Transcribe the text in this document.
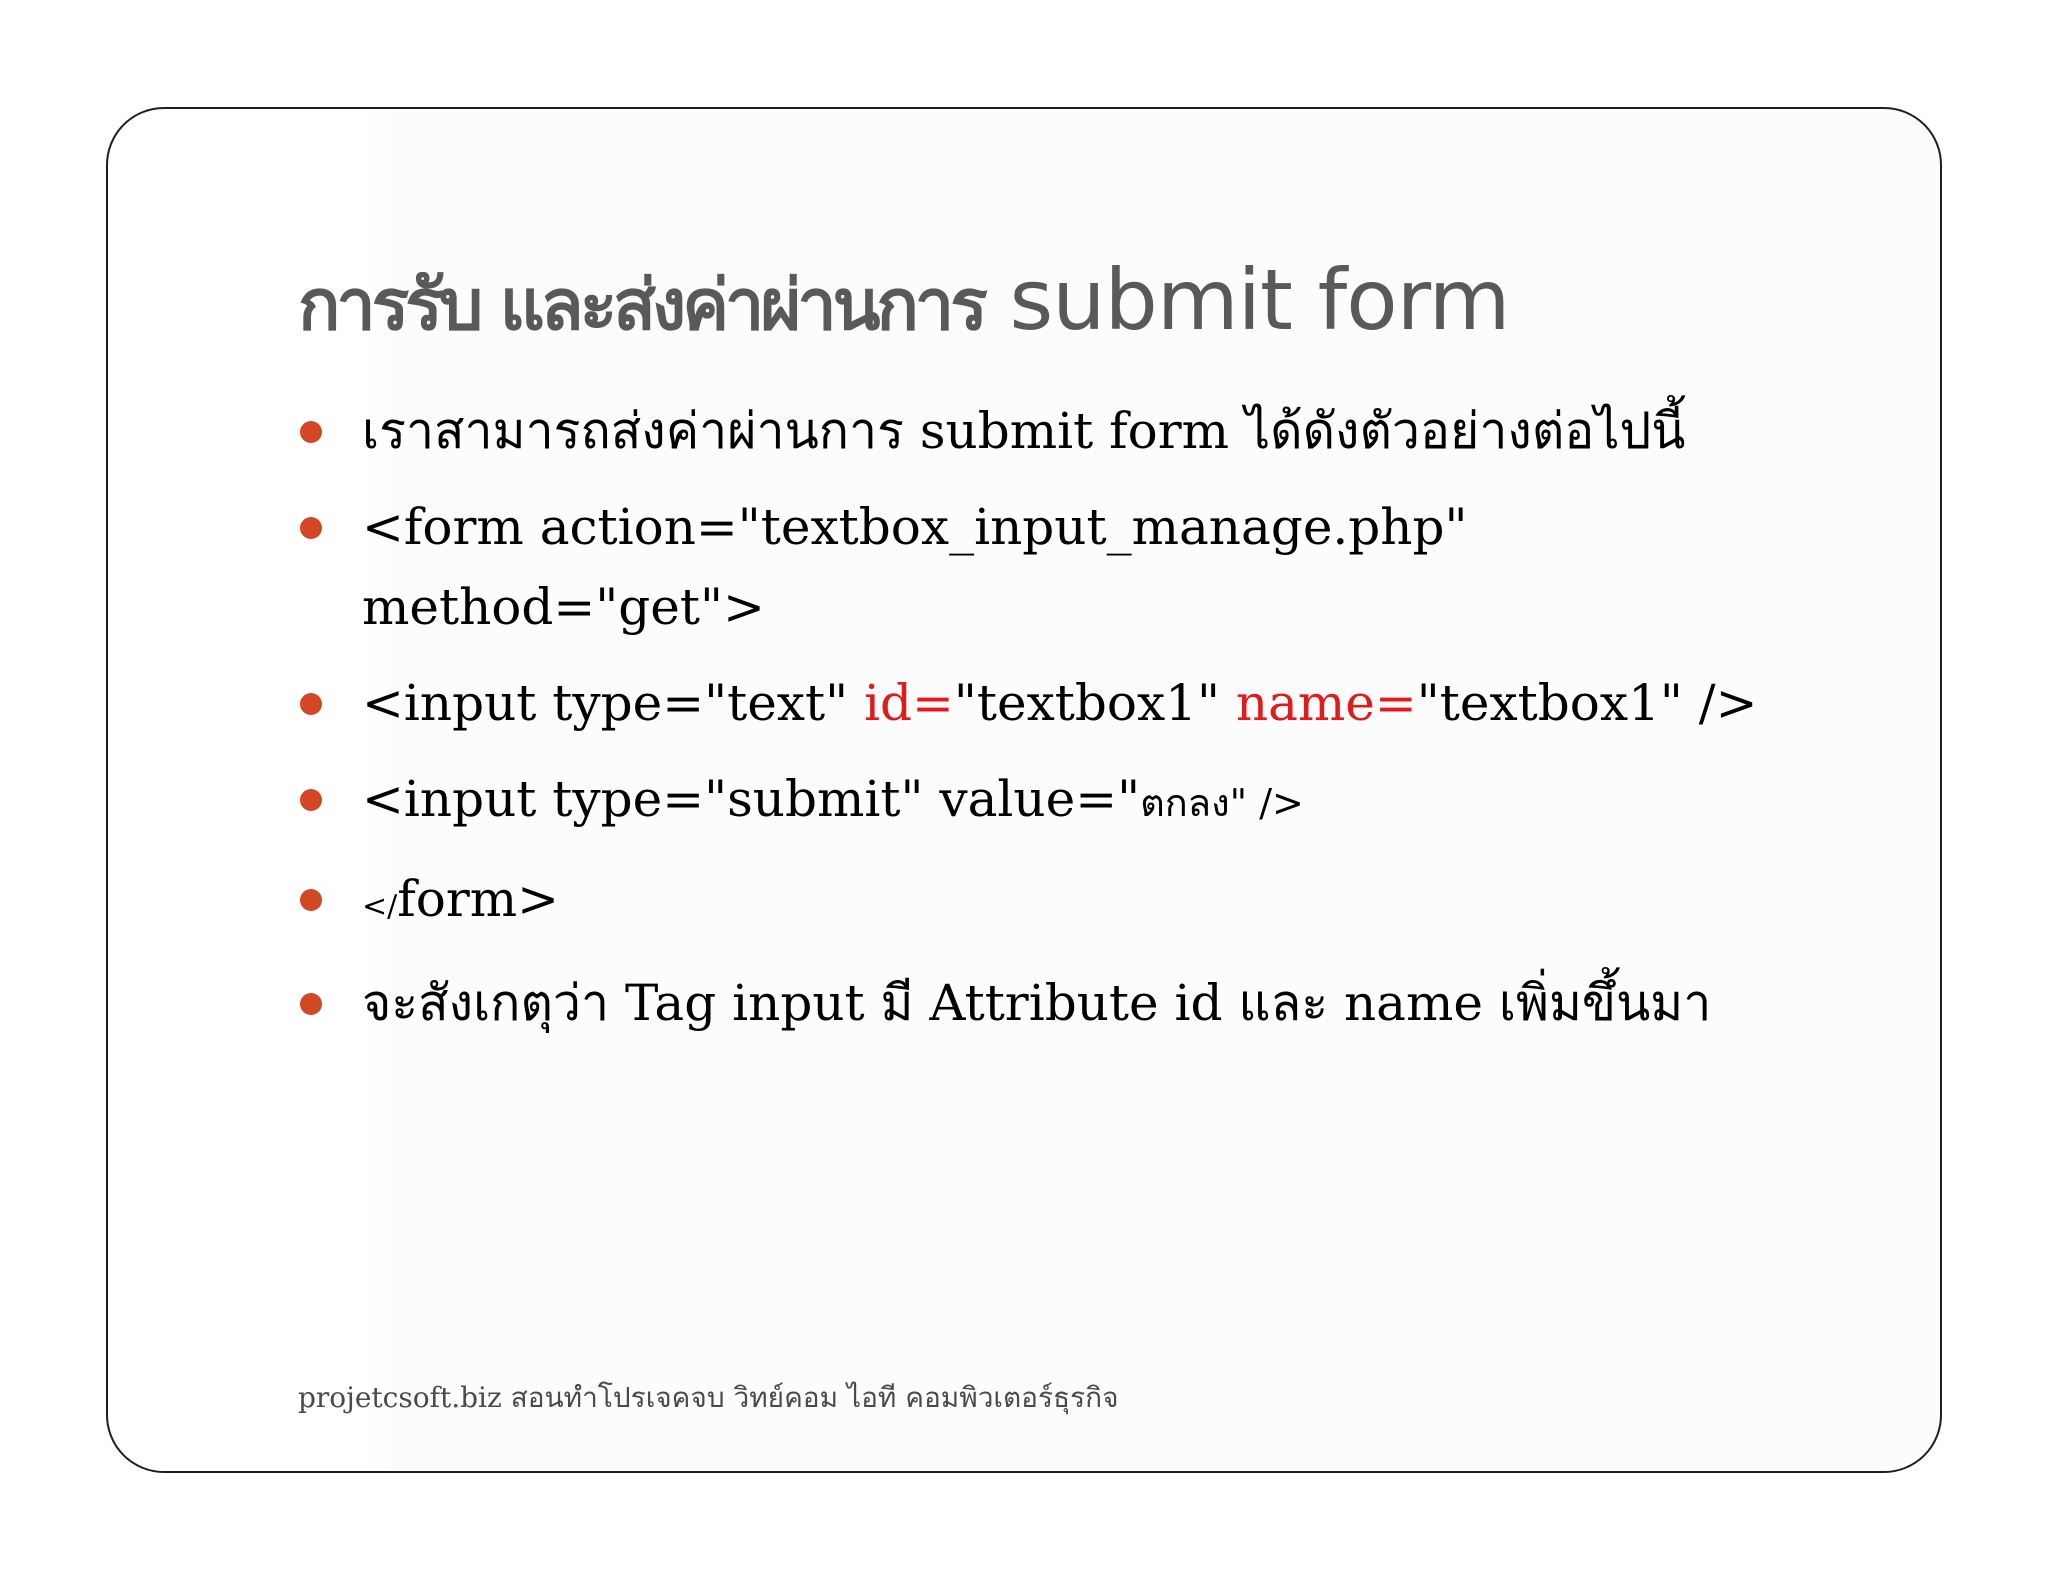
การรับ และส่งค่าผ่านการ submit form
เราสามารถส่งค่าผ่านการ submit form ได้ดังตัวอย่างต่อไปนี้
<form action="textbox_input_manage.php" method="get">
<input type="text" id="textbox1" name="textbox1" />
<input type="submit" value="ตกลง" />
</form>
จะสังเกตุว่า Tag input มี Attribute id และ name เพิ่มขึ้นมา
projetcsoft.biz สอนทำโปรเจคจบ วิทย์คอม ไอที คอมพิวเตอร์ธุรกิจ
